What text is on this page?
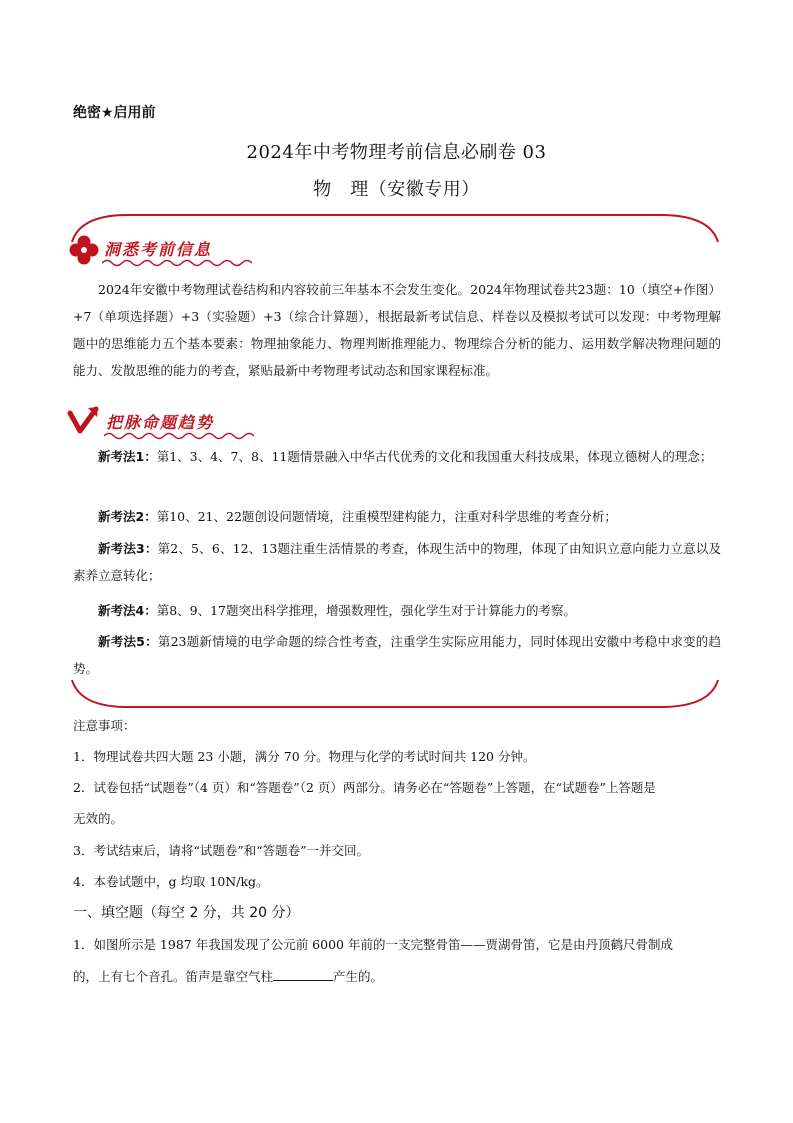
绝密★启用前
2024年中考物理考前信息必刷卷 03
物　理（安徽专用）
洞悉考前信息
2024年安徽中考物理试卷结构和内容较前三年基本不会发生变化。2024年物理试卷共23题：10（填空+作图）+7（单项选择题）+3（实验题）+3（综合计算题），根据最新考试信息、样卷以及模拟考试可以发现：中考物理解题中的思维能力五个基本要素：物理抽象能力、物理判断推理能力、物理综合分析的能力、运用数学解决物理问题的能力、发散思维的能力的考查，紧贴最新中考物理考试动态和国家课程标准。
把脉命题趋势
新考法1：第1、3、4、7、8、11题情景融入中华古代优秀的文化和我国重大科技成果，体现立德树人的理念；
新考法2：第10、21、22题创设问题情境，注重模型建构能力，注重对科学思维的考查分析；
新考法3：第2、5、6、12、13题注重生活情景的考查，体现生活中的物理，体现了由知识立意向能力立意以及素养立意转化；
新考法4：第8、9、17题突出科学推理，增强数理性，强化学生对于计算能力的考察。
新考法5：第23题新情境的电学命题的综合性考查，注重学生实际应用能力，同时体现出安徽中考稳中求变的趋势。
注意事项：
1．物理试卷共四大题 23 小题，满分 70 分。物理与化学的考试时间共 120 分钟。
2．试卷包括“试题卷”（4 页）和“答题卷”（2 页）两部分。请务必在“答题卷”上答题，在“试题卷”上答题是
无效的。
3．考试结束后，请将“试题卷”和“答题卷”一并交回。
4．本卷试题中，g 均取 10N/kg。
一、填空题（每空 2 分，共 20 分）
1．如图所示是 1987 年我国发现了公元前 6000 年前的一支完整骨笛——贾湖骨笛，它是由丹顶鹤尺骨制成
的，上有七个音孔。笛声是靠空气柱	产生的。
